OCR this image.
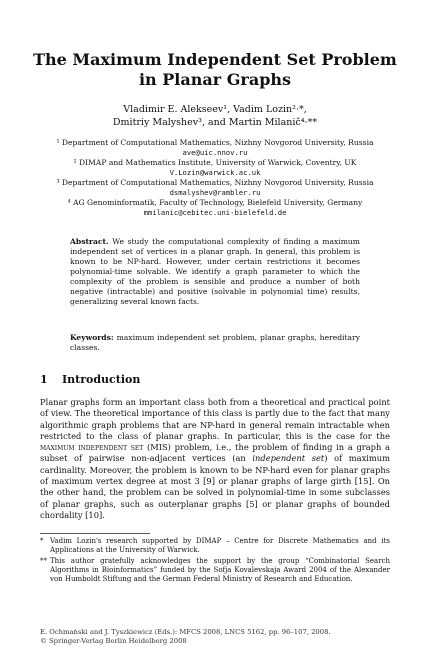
The Maximum Independent Set Problem
in Planar Graphs
Vladimir E. Alekseev¹, Vadim Lozin²·*,
Dmitriy Malyshev³, and Martin Milanič⁴·**
¹ Department of Computational Mathematics, Nizhny Novgorod University, Russia
ave@uic.nnov.ru
² DIMAP and Mathematics Institute, University of Warwick, Coventry, UK
V.Lozin@warwick.ac.uk
³ Department of Computational Mathematics, Nizhny Novgorod University, Russia
dsmalyshev@rambler.ru
⁴ AG Genominformatik, Faculty of Technology, Bielefeld University, Germany
mmilanic@cebitec.uni-bielefeld.de
Abstract. We study the computational complexity of finding a maximum independent set of vertices in a planar graph. In general, this problem is known to be NP-hard. However, under certain restrictions it becomes polynomial-time solvable. We identify a graph parameter to which the complexity of the problem is sensible and produce a number of both negative (intractable) and positive (solvable in polynomial time) results, generalizing several known facts.
Keywords: maximum independent set problem, planar graphs, hereditary classes.
1 Introduction
Planar graphs form an important class both from a theoretical and practical point of view. The theoretical importance of this class is partly due to the fact that many algorithmic graph problems that are NP-hard in general remain intractable when restricted to the class of planar graphs. In particular, this is the case for the maximum independent set (MIS) problem, i.e., the problem of finding in a graph a subset of pairwise non-adjacent vertices (an independent set) of maximum cardinality. Moreover, the problem is known to be NP-hard even for planar graphs of maximum vertex degree at most 3 [9] or planar graphs of large girth [15]. On the other hand, the problem can be solved in polynomial-time in some subclasses of planar graphs, such as outerplanar graphs [5] or planar graphs of bounded chordality [10].
* Vadim Lozin's research supported by DIMAP – Centre for Discrete Mathematics and its Applications at the University of Warwick.
** This author gratefully acknowledges the support by the group “Combinatorial Search Algorithms in Bioinformatics” funded by the Sofja Kovalevskaja Award 2004 of the Alexander von Humboldt Stiftung and the German Federal Ministry of Research and Education.
E. Ochmański and J. Tyszkiewicz (Eds.): MFCS 2008, LNCS 5162, pp. 96–107, 2008.
© Springer-Verlag Berlin Heidelberg 2008
